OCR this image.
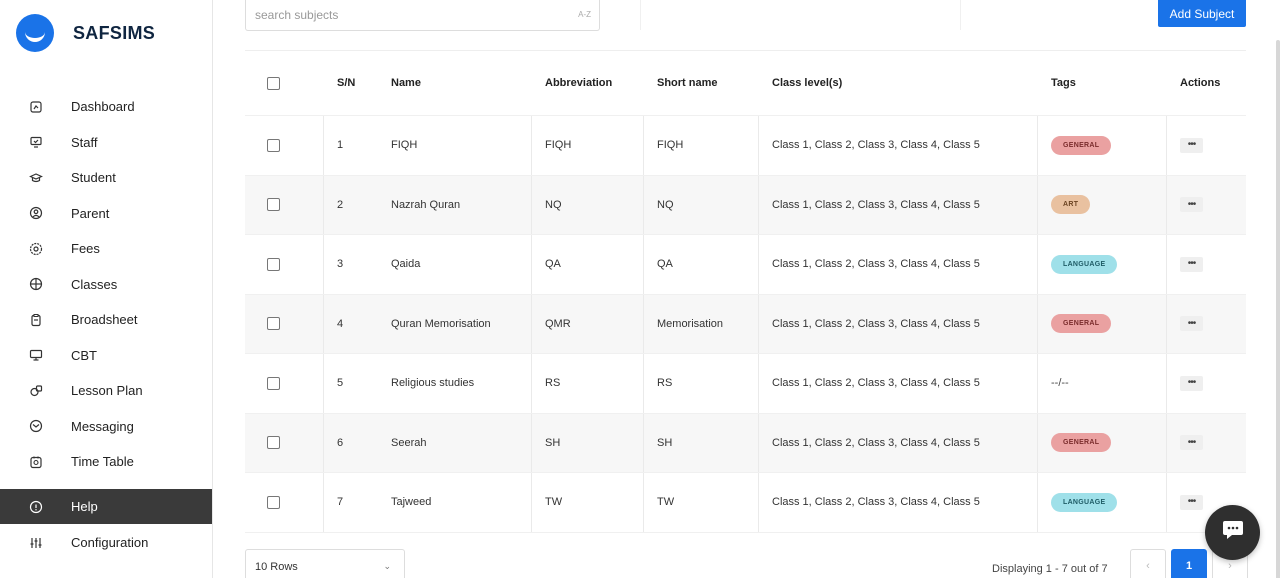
SAFSIMS
Dashboard
Staff
Student
Parent
Fees
Classes
Broadsheet
CBT
Lesson Plan
Messaging
Time Table
Help
Configuration
search subjects
A-Z	Add Subject
S/N	Name	Abbreviation	Short name	Class level(s)	Tags	Actions
1	FIQH	FIQH	FIQH	Class 1, Class 2, Class 3, Class 4, Class 5	GENERAL	•••
2	Nazrah Quran	NQ	NQ	Class 1, Class 2, Class 3, Class 4, Class 5	ART	•••
3	Qaida	QA	QA	Class 1, Class 2, Class 3, Class 4, Class 5	LANGUAGE	•••
4	Quran Memorisation	QMR	Memorisation	Class 1, Class 2, Class 3, Class 4, Class 5	GENERAL	•••
5	Religious studies	RS	RS	Class 1, Class 2, Class 3, Class 4, Class 5	--/--	•••
6	Seerah	SH	SH	Class 1, Class 2, Class 3, Class 4, Class 5	GENERAL	•••
7	Tajweed	TW	TW	Class 1, Class 2, Class 3, Class 4, Class 5	LANGUAGE	•••
10 Rows	⌄	Displaying 1 - 7 out of 7	‹	1	›
